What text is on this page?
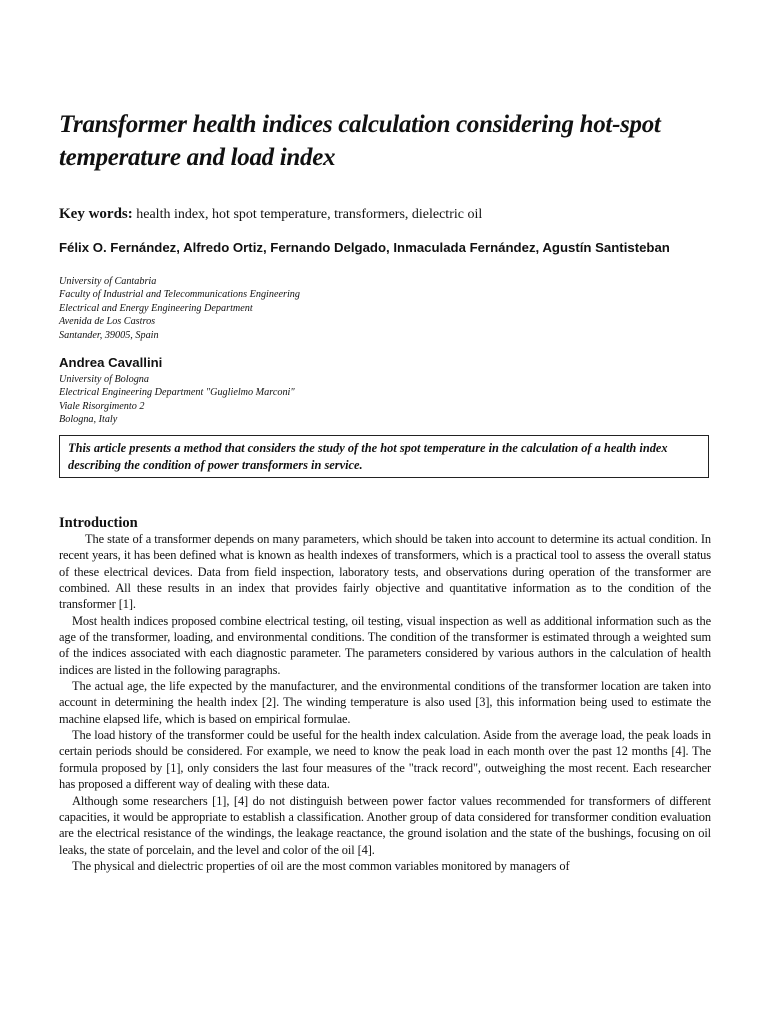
Transformer health indices calculation considering hot-spot temperature and load index
Key words: health index, hot spot temperature, transformers, dielectric oil
Félix O. Fernández, Alfredo Ortiz, Fernando Delgado, Inmaculada Fernández, Agustín Santisteban
University of Cantabria
Faculty of Industrial and Telecommunications Engineering
Electrical and Energy Engineering Department
Avenida de Los Castros
Santander, 39005, Spain
Andrea Cavallini
University of Bologna
Electrical Engineering Department "Guglielmo Marconi"
Viale Risorgimento 2
Bologna, Italy
This article presents a method that considers the study of the hot spot temperature in the calculation of a health index describing the condition of power transformers in service.
Introduction

The state of a transformer depends on many parameters, which should be taken into account to determine its actual condition. In recent years, it has been defined what is known as health indexes of transformers, which is a practical tool to assess the overall status of these electrical devices. Data from field inspection, laboratory tests, and observations during operation of the transformer are combined. All these results in an index that provides fairly objective and quantitative information as to the condition of the transformer [1].

Most health indices proposed combine electrical testing, oil testing, visual inspection as well as additional information such as the age of the transformer, loading, and environmental conditions. The condition of the transformer is estimated through a weighted sum of the indices associated with each diagnostic parameter. The parameters considered by various authors in the calculation of health indices are listed in the following paragraphs.

The actual age, the life expected by the manufacturer, and the environmental conditions of the transformer location are taken into account in determining the health index [2]. The winding temperature is also used [3], this information being used to estimate the machine elapsed life, which is based on empirical formulae.

The load history of the transformer could be useful for the health index calculation. Aside from the average load, the peak loads in certain periods should be considered. For example, we need to know the peak load in each month over the past 12 months [4]. The formula proposed by [1], only considers the last four measures of the "track record", outweighing the most recent. Each researcher has proposed a different way of dealing with these data.

Although some researchers [1], [4] do not distinguish between power factor values recommended for transformers of different capacities, it would be appropriate to establish a classification. Another group of data considered for transformer condition evaluation are the electrical resistance of the windings, the leakage reactance, the ground isolation and the state of the bushings, focusing on oil leaks, the state of porcelain, and the level and color of the oil [4].

The physical and dielectric properties of oil are the most common variables monitored by managers of
